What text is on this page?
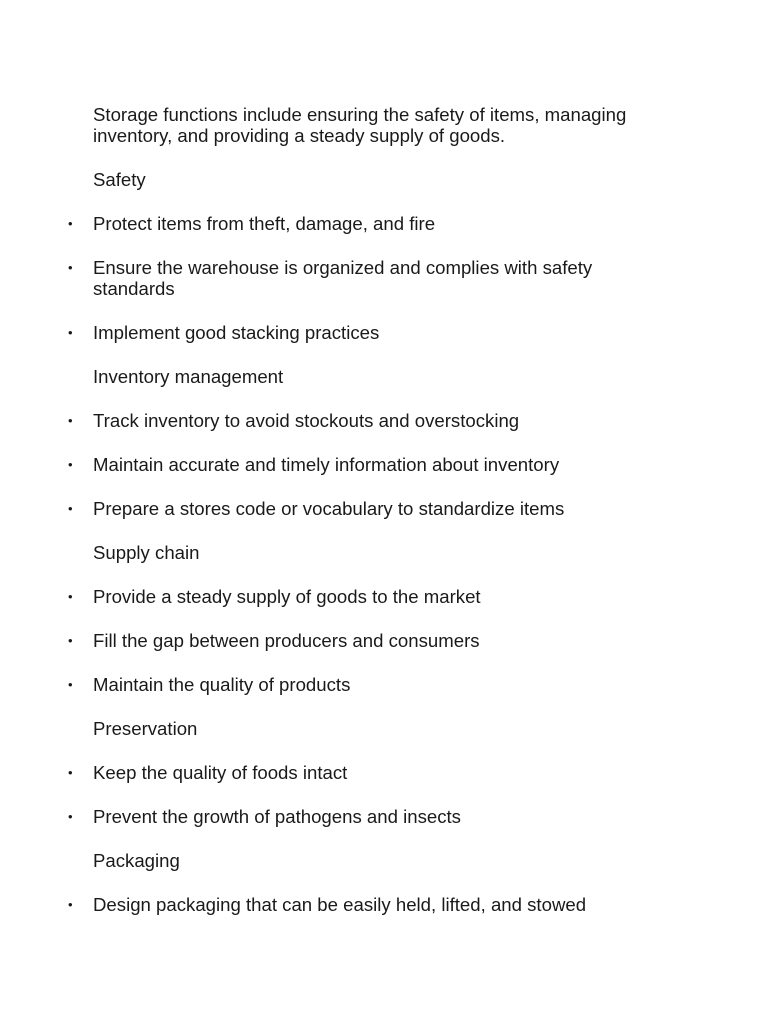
Storage functions include ensuring the safety of items, managing inventory, and providing a steady supply of goods.

Safety

• Protect items from theft, damage, and fire

• Ensure the warehouse is organized and complies with safety standards

• Implement good stacking practices

Inventory management

• Track inventory to avoid stockouts and overstocking

• Maintain accurate and timely information about inventory

• Prepare a stores code or vocabulary to standardize items

Supply chain

• Provide a steady supply of goods to the market

• Fill the gap between producers and consumers

• Maintain the quality of products

Preservation

• Keep the quality of foods intact

• Prevent the growth of pathogens and insects

Packaging

• Design packaging that can be easily held, lifted, and stowed
